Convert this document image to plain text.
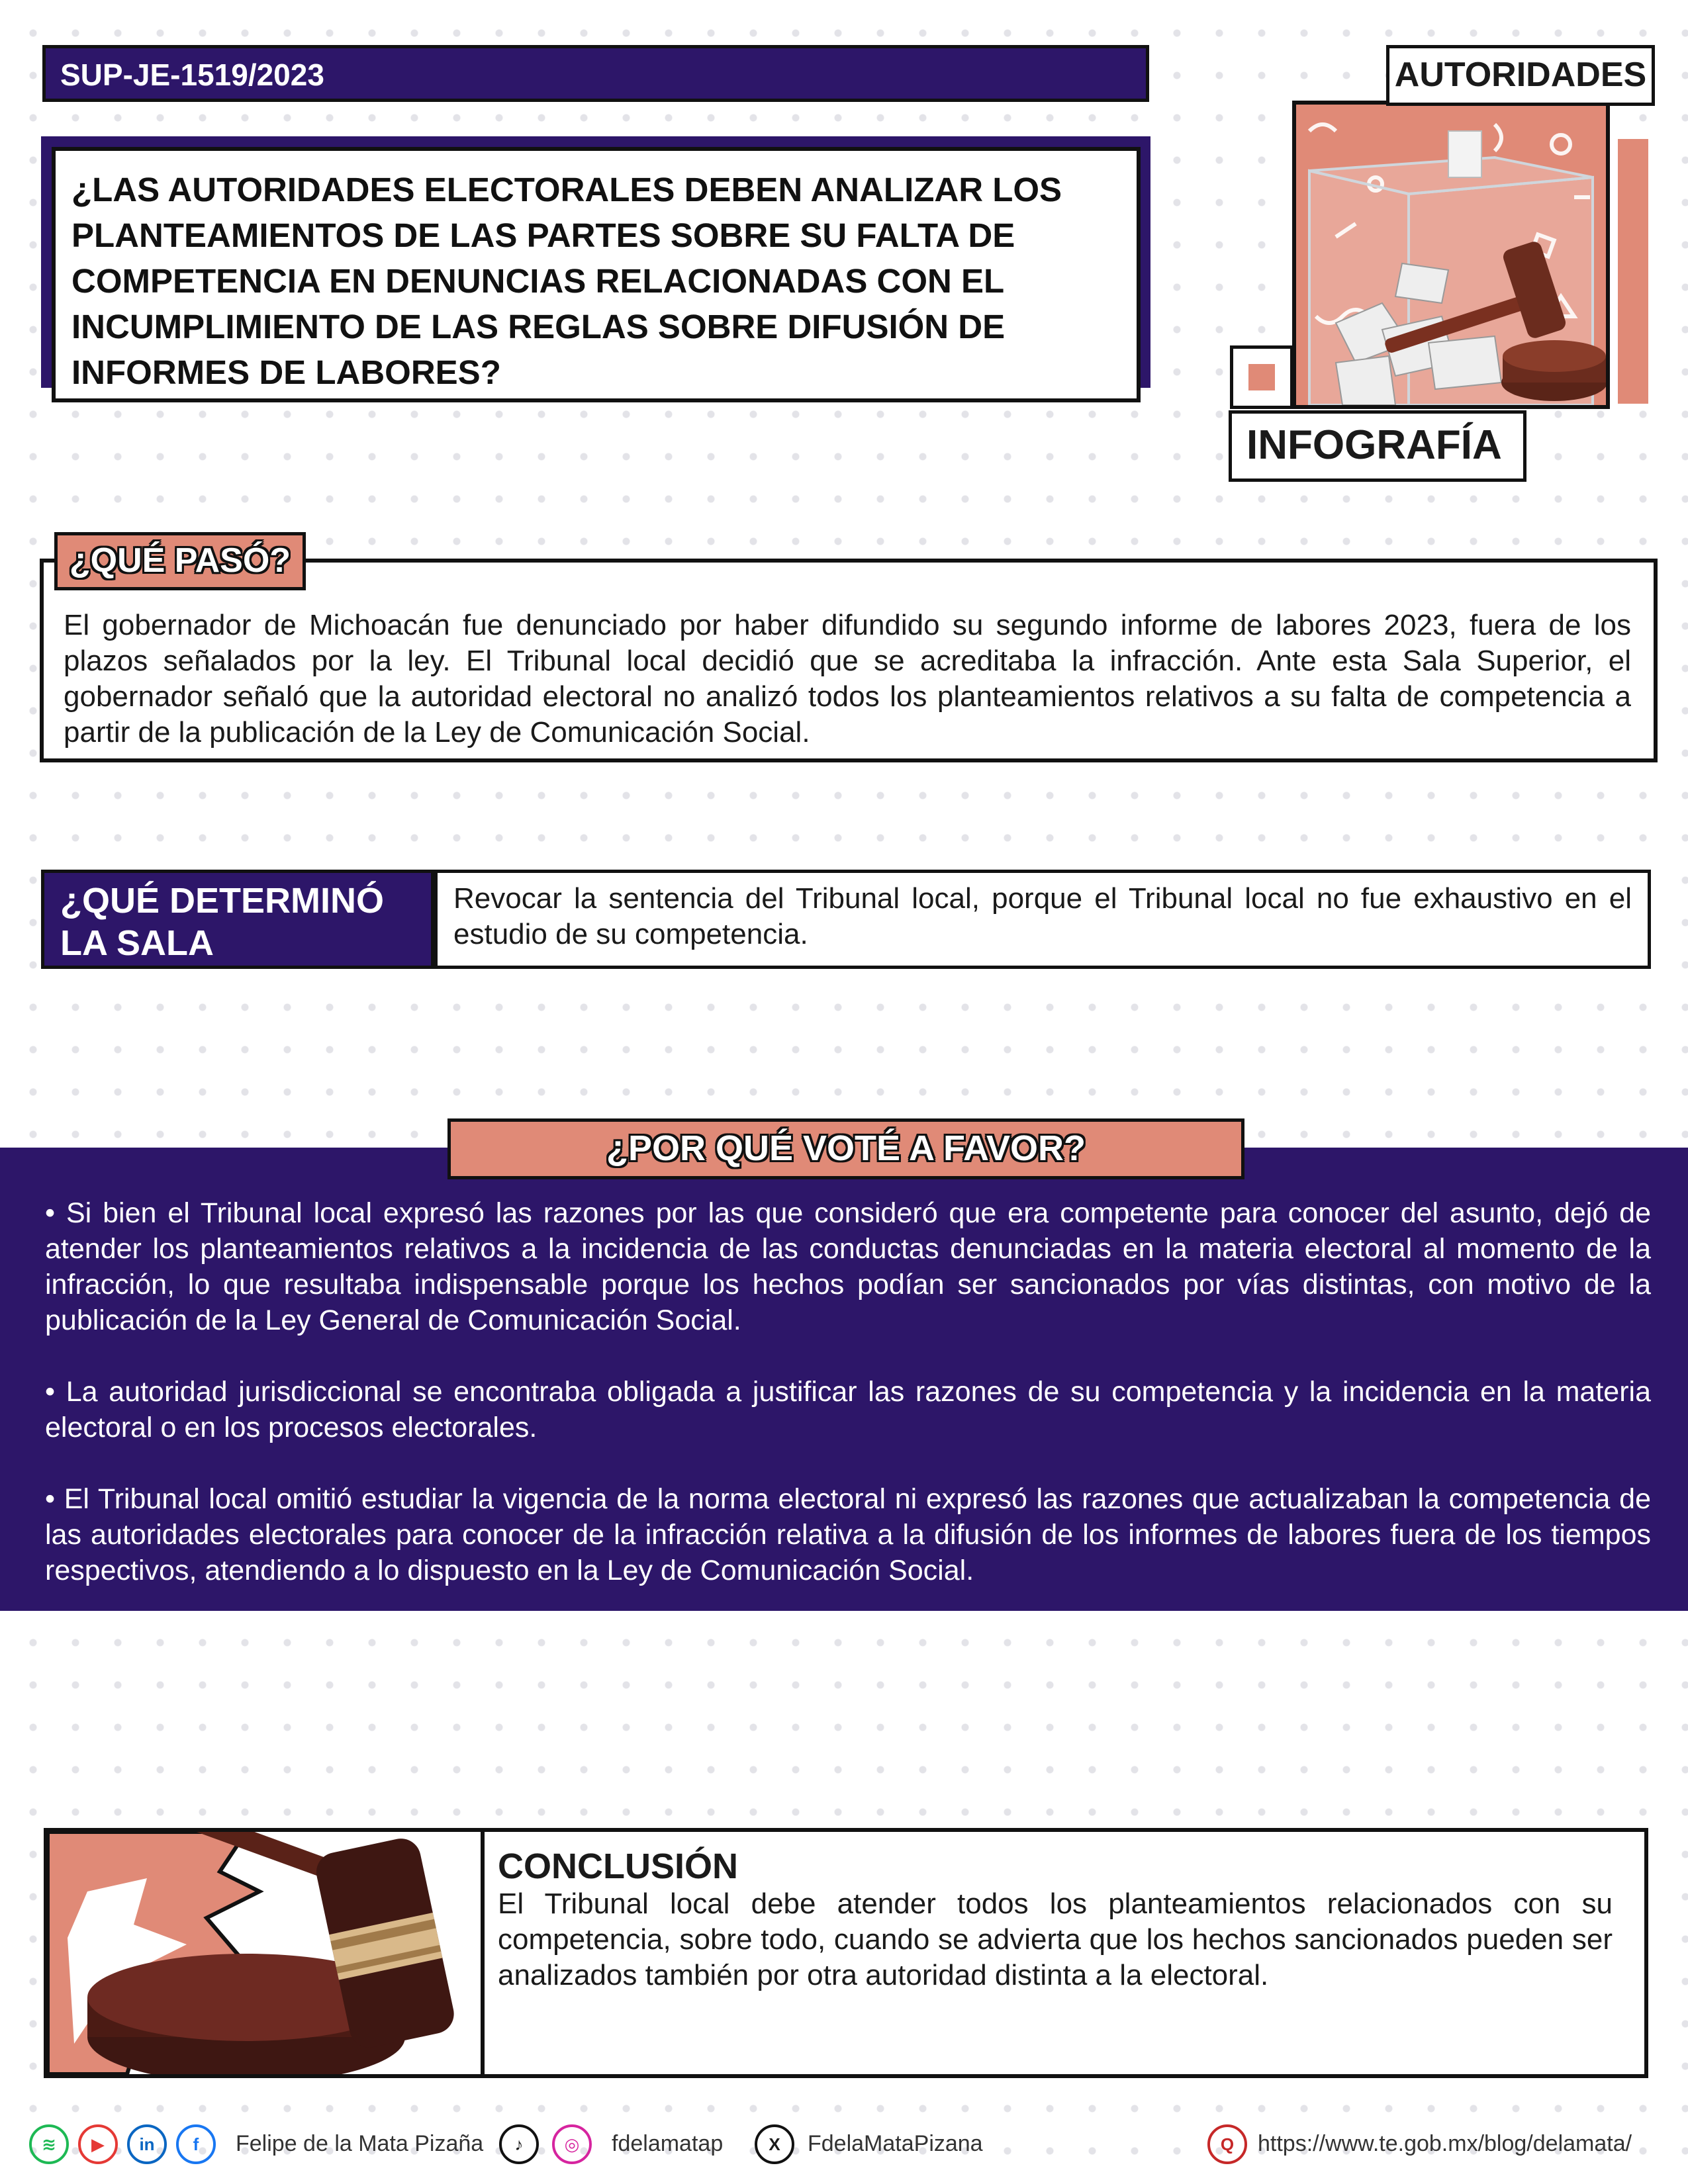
SUP-JE-1519/2023
¿LAS AUTORIDADES ELECTORALES DEBEN ANALIZAR LOS PLANTEAMIENTOS DE LAS PARTES SOBRE SU FALTA DE COMPETENCIA EN DENUNCIAS RELACIONADAS CON EL INCUMPLIMIENTO DE LAS REGLAS SOBRE DIFUSIÓN DE INFORMES DE LABORES?
AUTORIDADES
INFOGRAFÍA
El gobernador de Michoacán fue denunciado por haber difundido su segundo informe de labores 2023, fuera de los plazos señalados por la ley. El Tribunal local decidió que se acreditaba la infracción. Ante esta Sala Superior, el gobernador señaló que la autoridad electoral no analizó todos los planteamientos relativos a su falta de competencia a partir de la publicación de la Ley de Comunicación Social.
¿QUÉ PASÓ?
¿QUÉ DETERMINÓ LA SALA SUPERIOR?
Revocar la sentencia del Tribunal local, porque el Tribunal local no fue exhaustivo en el estudio de su competencia.

• Si bien el Tribunal local expresó las razones por las que consideró que era competente para conocer del asunto, dejó de atender los planteamientos relativos a la incidencia de las conductas denunciadas en la materia electoral al momento de la infracción, lo que resultaba indispensable porque los hechos podían ser sancionados por vías distintas, con motivo de la publicación de la Ley General de Comunicación Social.

• La autoridad jurisdiccional se encontraba obligada a justificar las razones de su competencia y la incidencia en la materia electoral o en los procesos electorales.

• El Tribunal local omitió estudiar la vigencia de la norma electoral ni expresó las razones que actualizaban la competencia de las autoridades electorales para conocer de la infracción relativa a la difusión de los informes de labores fuera de los tiempos respectivos, atendiendo a lo dispuesto en la Ley de Comunicación Social.

¿POR QUÉ VOTÉ A FAVOR?
CONCLUSIÓN
El Tribunal local debe atender todos los planteamientos relacionados con su competencia, sobre todo, cuando se advierta que los hechos sancionados pueden ser analizados también por otra autoridad distinta a la electoral.
≋	▶	in	f	Felipe de la Mata Pizaña	♪	◎	fdelamatap	X	FdelaMataPizana	Q	https://www.te.gob.mx/blog/delamata/
